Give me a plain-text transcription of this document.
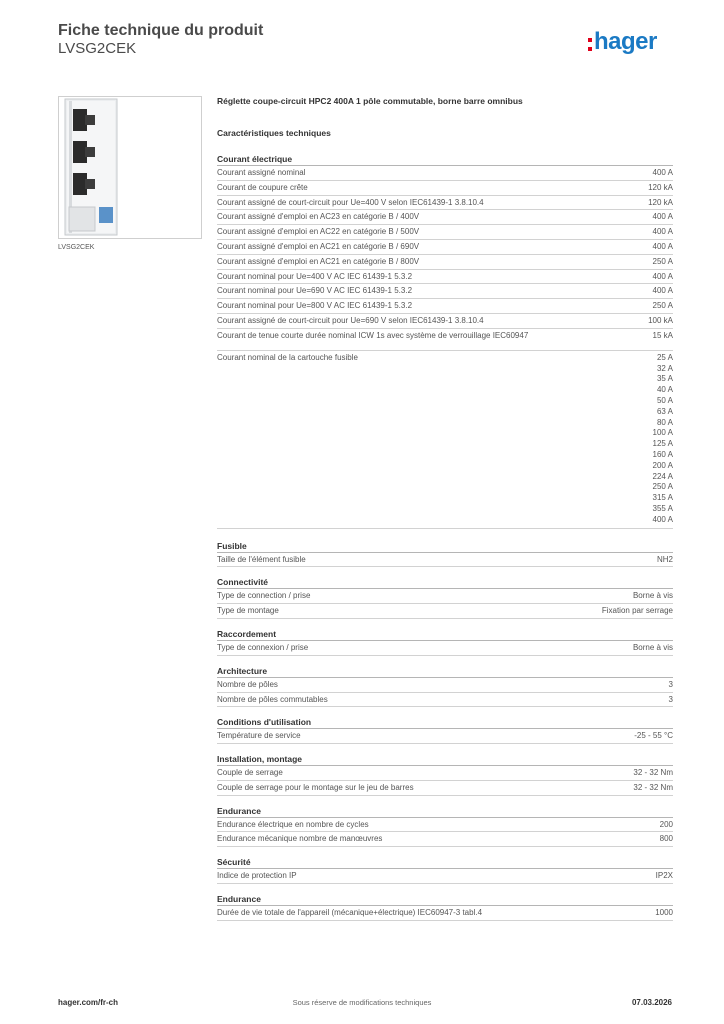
Fiche technique du produit
LVSG2CEK	hager
LVSG2CEK
Réglette coupe-circuit HPC2 400A 1 pôle commutable, borne barre omnibus
Caractéristiques techniques
Courant électrique
Courant assigné nominal	400 A
Courant de coupure crête	120 kA
Courant assigné de court-circuit pour Ue=400 V selon IEC61439-1 3.8.10.4	120 kA
Courant assigné d'emploi en AC23 en catégorie B / 400V	400 A
Courant assigné d'emploi en AC22 en catégorie B / 500V	400 A
Courant assigné d'emploi en AC21 en catégorie B / 690V	400 A
Courant assigné d'emploi en AC21 en catégorie B / 800V	250 A
Courant nominal pour Ue=400 V AC IEC 61439-1 5.3.2	400 A
Courant nominal pour Ue=690 V AC IEC 61439-1 5.3.2	400 A
Courant nominal pour Ue=800 V AC IEC 61439-1 5.3.2	250 A
Courant assigné de court-circuit pour Ue=690 V selon IEC61439-1 3.8.10.4	100 kA
Courant de tenue courte durée nominal ICW 1s avec système de verrouillage IEC60947	15 kA
Courant nominal de la cartouche fusible	25 A
32 A
35 A
40 A
50 A
63 A
80 A
100 A
125 A
160 A
200 A
224 A
250 A
315 A
355 A
400 A
Fusible
Taille de l'élément fusible	NH2
Connectivité
Type de connection / prise	Borne à vis
Type de montage	Fixation par serrage
Raccordement
Type de connexion / prise	Borne à vis
Architecture
Nombre de pôles	3
Nombre de pôles commutables	3
Conditions d'utilisation
Température de service	-25 - 55 °C
Installation, montage
Couple de serrage	32 - 32 Nm
Couple de serrage pour le montage sur le jeu de barres	32 - 32 Nm
Endurance
Endurance électrique en nombre de cycles	200
Endurance mécanique nombre de manœuvres	800
Sécurité
Indice de protection IP	IP2X
Endurance
Durée de vie totale de l'appareil (mécanique+électrique) IEC60947-3 tabl.4	1000
hager.com/fr-ch	Sous réserve de modifications techniques	07.03.2026
